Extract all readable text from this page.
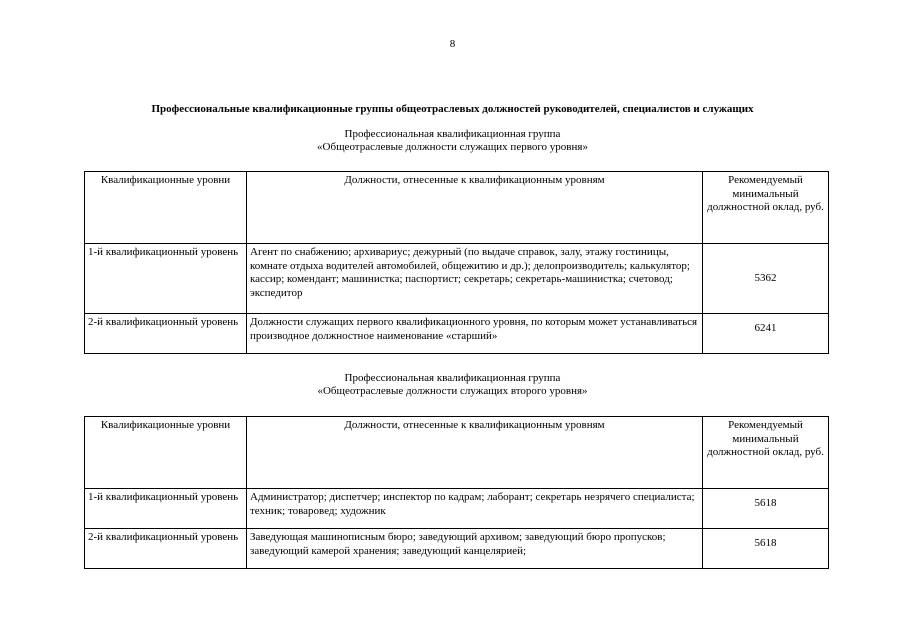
8
Профессиональные квалификационные группы общеотраслевых должностей руководителей, специалистов и служащих
Профессиональная квалификационная группа
«Общеотраслевые должности служащих первого уровня»
Квалификационные уровни	Должности, отнесенные к квалификационным уровням	Рекомендуемый минимальный должностной оклад, руб.
1-й квалификационный уровень	Агент по снабжению; архивариус; дежурный (по выдаче справок, залу, этажу гостиницы, комнате отдыха водителей автомобилей, общежитию и др.); делопроизводитель; калькулятор; кассир; комендант; машинистка; паспортист; секретарь; секретарь-машинистка; счетовод; экспедитор	5362
2-й квалификационный уровень	Должности служащих первого квалификационного уровня, по которым может устанавливаться производное должностное наименование «старший»	6241
Профессиональная квалификационная группа
«Общеотраслевые должности служащих второго уровня»
Квалификационные уровни	Должности, отнесенные к квалификационным уровням	Рекомендуемый минимальный должностной оклад, руб.
1-й квалификационный уровень	Администратор; диспетчер; инспектор по кадрам; лаборант; секретарь незрячего специалиста; техник; товаровед; художник	5618
2-й квалификационный уровень	Заведующая машинописным бюро; заведующий архивом; заведующий бюро пропусков; заведующий камерой хранения; заведующий канцелярией;	5618
